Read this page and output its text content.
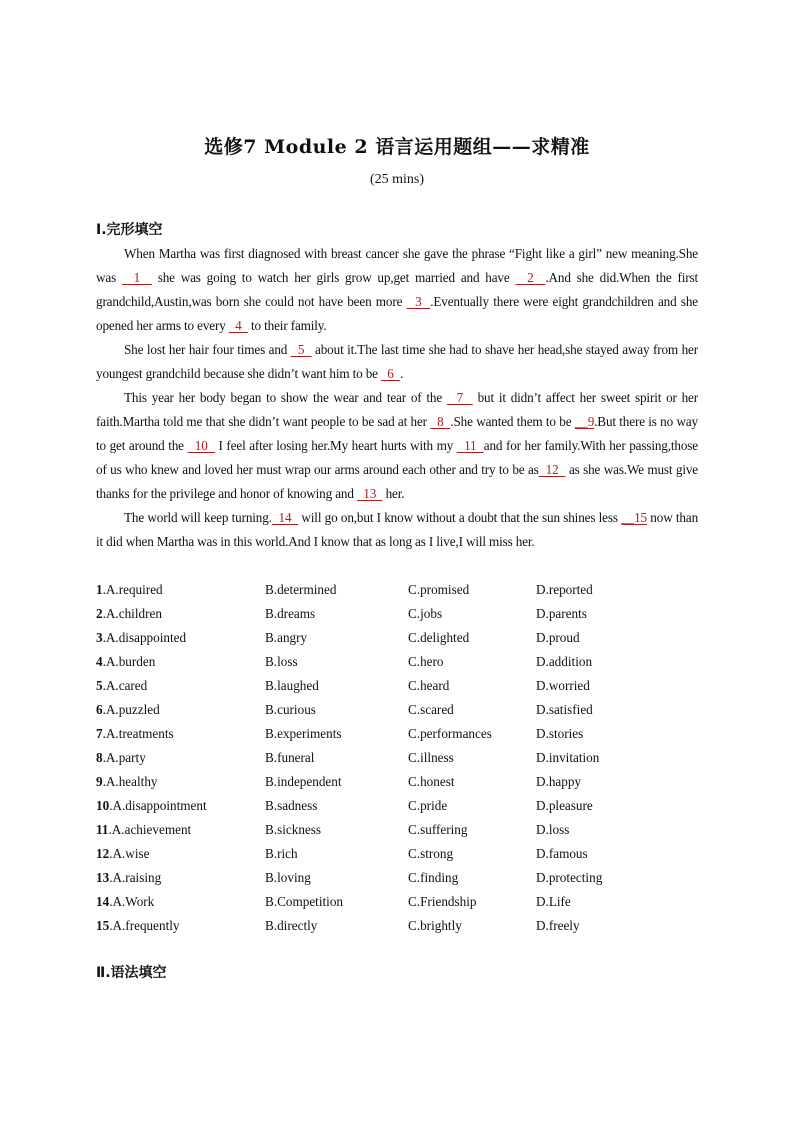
选修7 Module 2 语言运用题组——求精准
(25 mins)
Ⅰ.完形填空

When Martha was first diagnosed with breast cancer she gave the phrase “Fight like a girl” new meaning.She was   1   she was going to watch her girls grow up,get married and have   2  .And she did.When the first grandchild,Austin,was born she could not have been more   3  .Eventually there were eight grandchildren and she opened her arms to every   4   to their family.

She lost her hair four times and   5   about it.The last time she had to shave her head,she stayed away from her youngest grandchild because she didn’t want him to be   6  .

This year her body began to show the wear and tear of the   7   but it didn’t affect her sweet spirit or her faith.Martha told me that she didn’t want people to be sad at her   8  .She wanted them to be __9.But there is no way to get around the   10   I feel after losing her.My heart hurts with my   11  and for her family.With her passing,those of us who knew and loved her must wrap our arms around each other and try to be as  12   as she was.We must give thanks for the privilege and honor of knowing and   13   her.

The world will keep turning.  14   will go on,but I know without a doubt that the sun shines less __15 now than it did when Martha was in this world.And I know that as long as I live,I will miss her.

1.A.required	B.determined	C.promised	D.reported
2.A.children	B.dreams	C.jobs	D.parents
3.A.disappointed	B.angry	C.delighted	D.proud
4.A.burden	B.loss	C.hero	D.addition
5.A.cared	B.laughed	C.heard	D.worried
6.A.puzzled	B.curious	C.scared	D.satisfied
7.A.treatments	B.experiments	C.performances	D.stories
8.A.party	B.funeral	C.illness	D.invitation
9.A.healthy	B.independent	C.honest	D.happy
10.A.disappointment	B.sadness	C.pride	D.pleasure
11.A.achievement	B.sickness	C.suffering	D.loss
12.A.wise	B.rich	C.strong	D.famous
13.A.raising	B.loving	C.finding	D.protecting
14.A.Work	B.Competition	C.Friendship	D.Life
15.A.frequently	B.directly	C.brightly	D.freely
Ⅱ.语法填空
